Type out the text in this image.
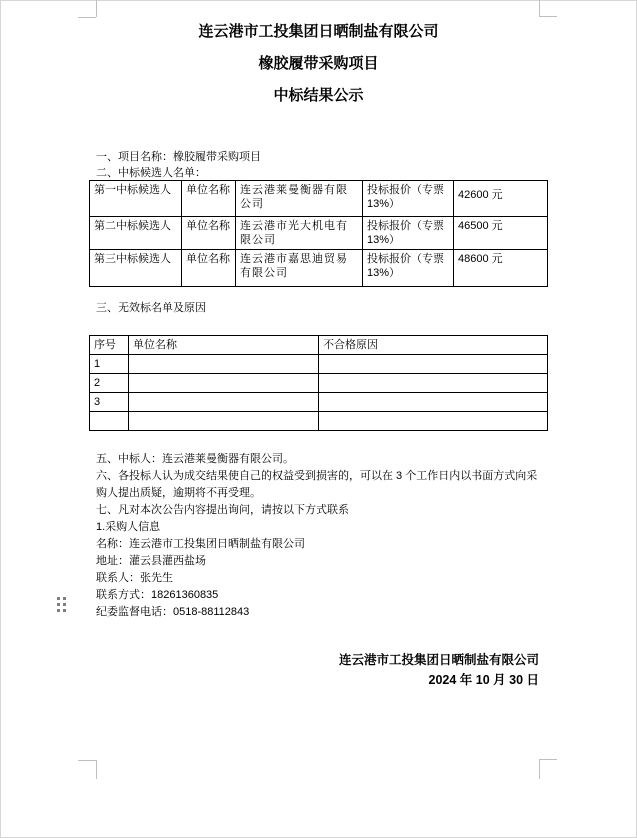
连云港市工投集团日晒制盐有限公司
橡胶履带采购项目
中标结果公示
一、项目名称：橡胶履带采购项目
二、中标候选人名单：
第一中标候选人	单位名称	连云港莱曼衡器有限公司	投标报价（专票13%）	42600 元
第二中标候选人	单位名称	连云港市光大机电有限公司	投标报价（专票13%）	46500 元
第三中标候选人	单位名称	连云港市嘉思迪贸易有限公司	投标报价（专票13%）	48600 元
三、无效标名单及原因
序号	单位名称	不合格原因
1		
2		
3		

五、中标人：连云港莱曼衡器有限公司。
六、各投标人认为成交结果使自己的权益受到损害的，可以在 3 个工作日内以书面方式向采
购人提出质疑，逾期将不再受理。
七、凡对本次公告内容提出询问，请按以下方式联系
1.采购人信息
名称：连云港市工投集团日晒制盐有限公司
地址：灌云县灌西盐场
联系人：张先生
联系方式：18261360835
纪委监督电话：0518-88112843
连云港市工投集团日晒制盐有限公司
2024 年 10 月 30 日
